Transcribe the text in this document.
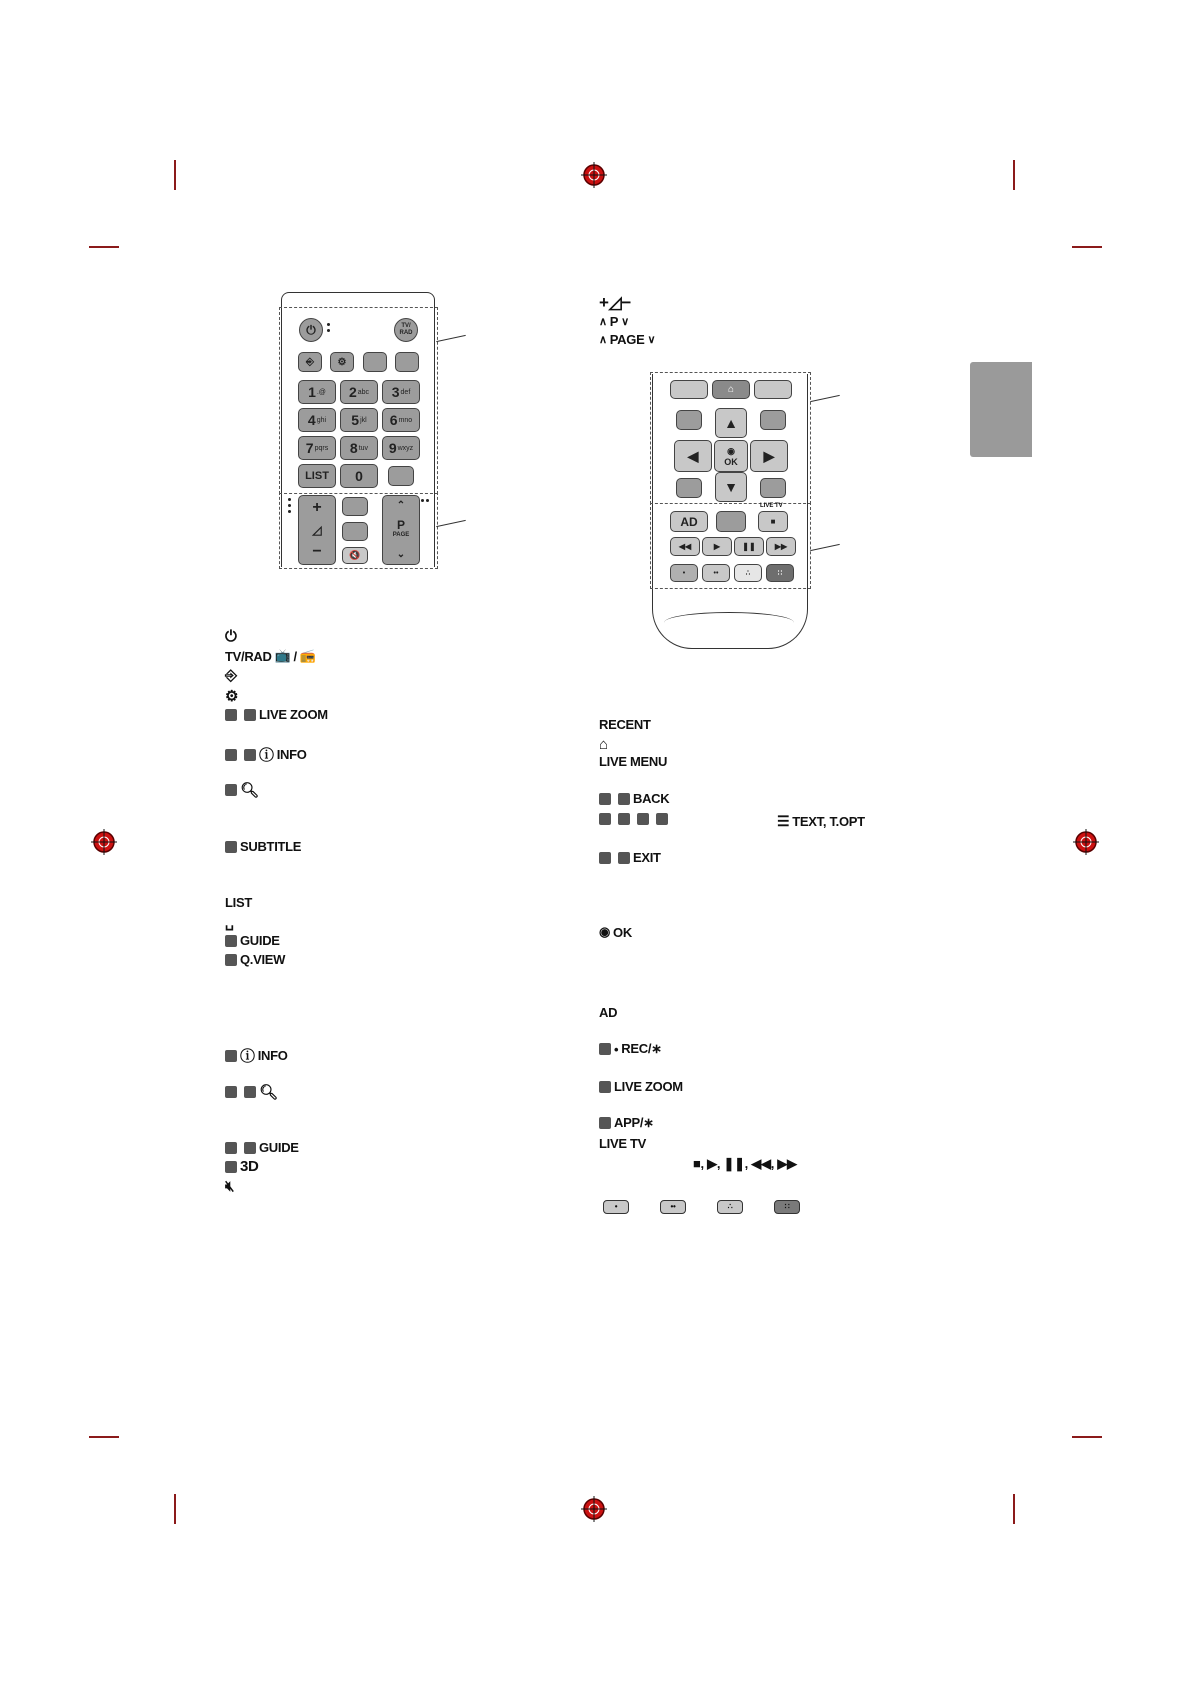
⏻	TV/
RAD
⎆ ⚙
1 .@ 2 abc 3 def
4 ghi 5 jkl 6 mno
7 pqrs 8 tuv 9 wxyz
LIST 0
+
◿
−	🔇
⌃
P
PAGE
⌄
⌂
▲
◀	◉
OK ▶
▼
AD
LIVE TV
■
◀◀	▶	❚❚ ▶▶
•	••	∴	∷
+◿−
∧ P ∨
∧ PAGE ∨
⏻
TV/RAD 📺 / 📻
⎆
⚙
LIVE ZOOM
ⓘ INFO
🔍︎
SUBTITLE
LIST
␣
GUIDE
Q.VIEW
ⓘ INFO
🔍︎
GUIDE
3D
🔇︎
RECENT
⌂
LIVE MENU
BACK
☰ TEXT, T.OPT
EXIT
◉ OK
AD
• REC/∗
LIVE ZOOM
APP/∗
LIVE TV
■, ▶, ❚❚, ◀◀, ▶▶
•	••	∴	∷
